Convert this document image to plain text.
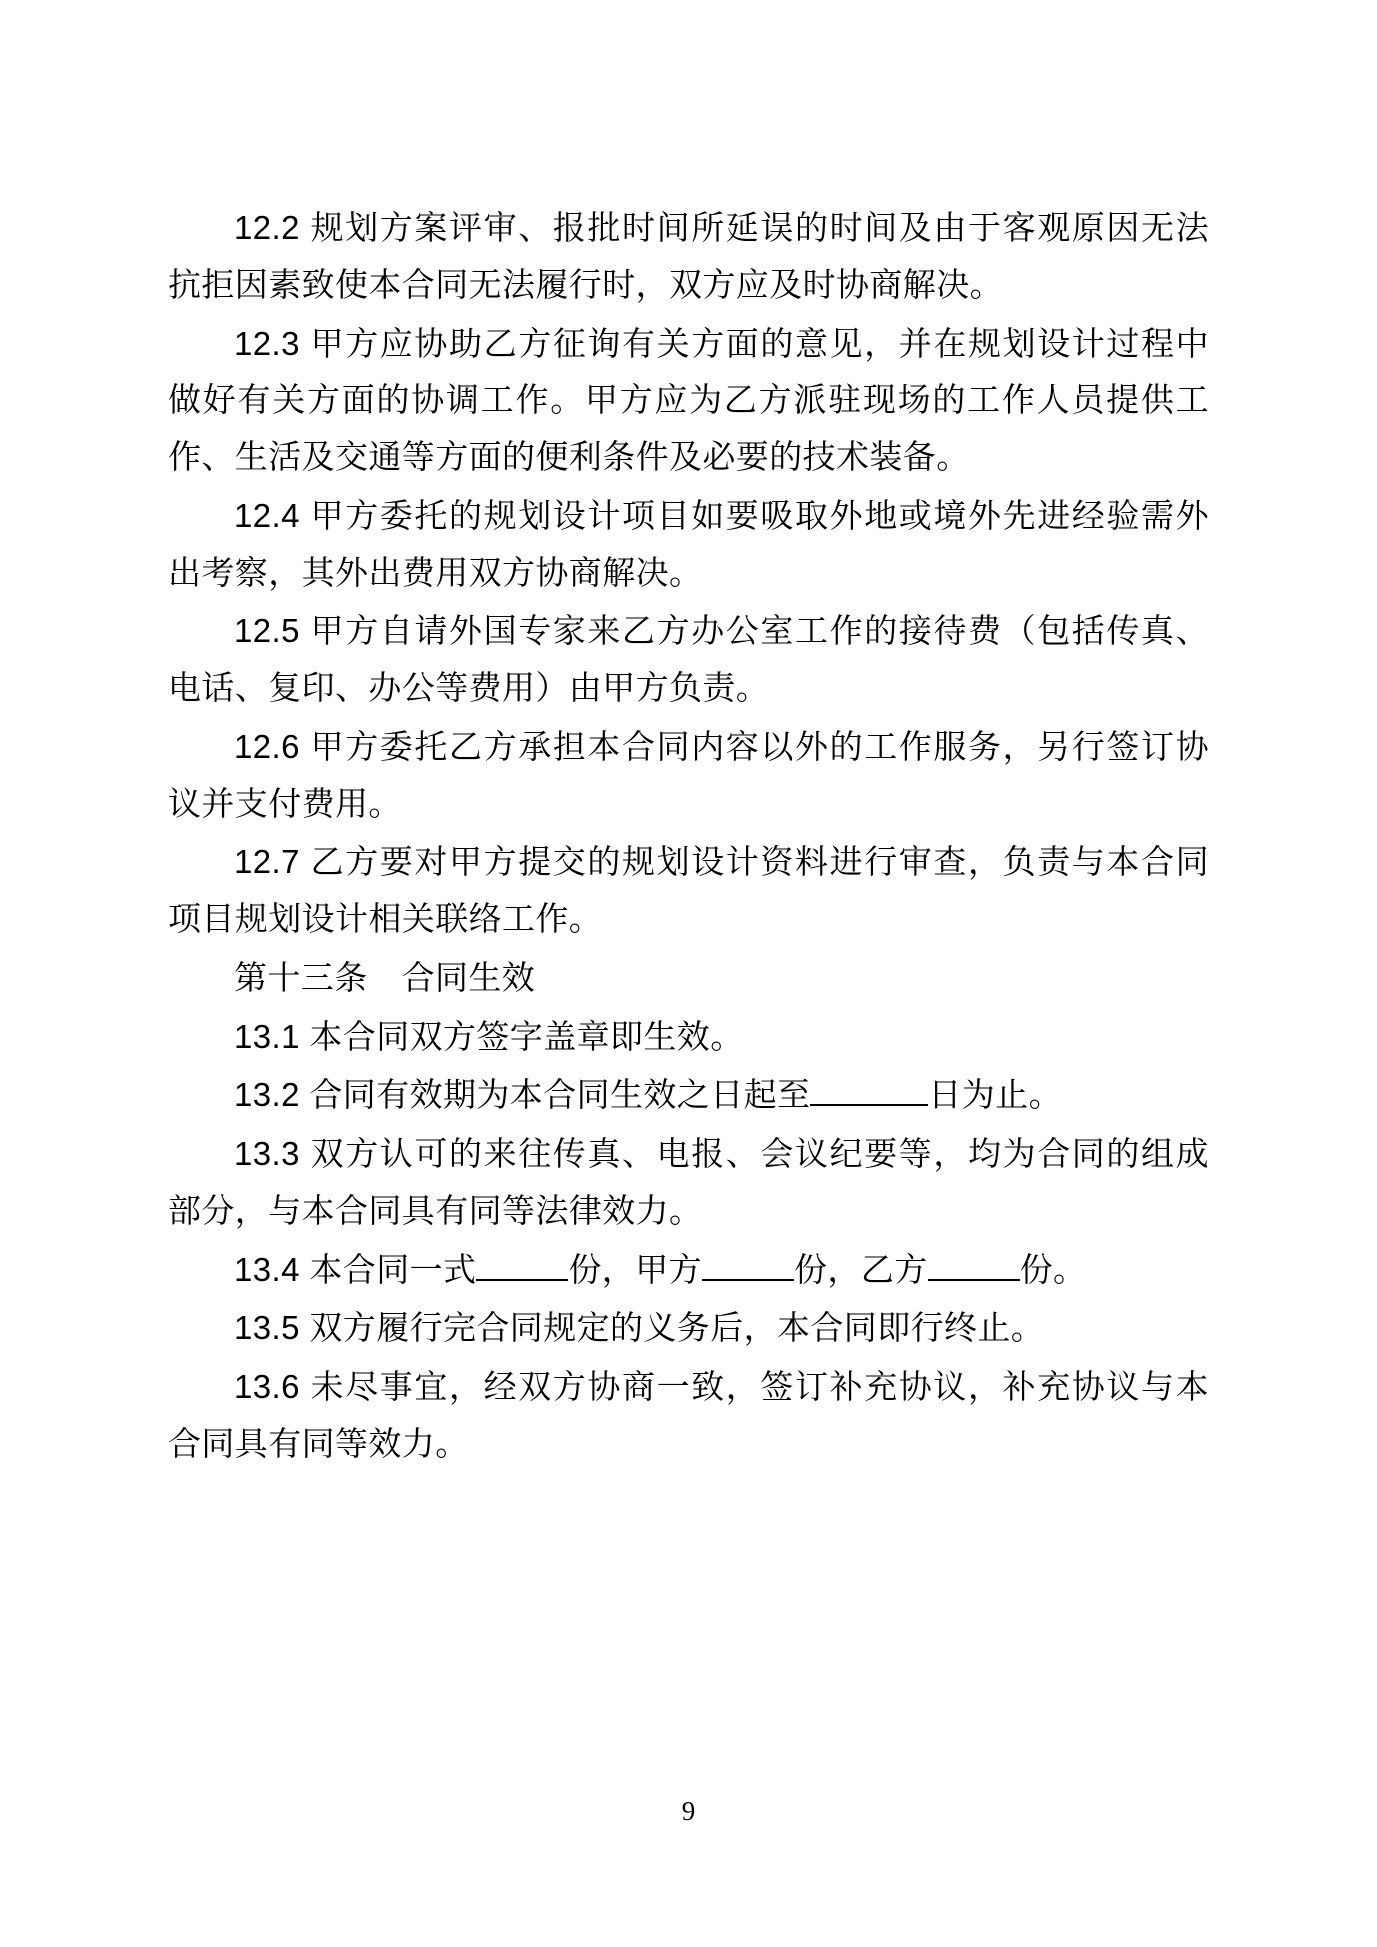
12.2 规划方案评审、报批时间所延误的时间及由于客观原因无法抗拒因素致使本合同无法履行时，双方应及时协商解决。

12.3 甲方应协助乙方征询有关方面的意见，并在规划设计过程中做好有关方面的协调工作。甲方应为乙方派驻现场的工作人员提供工作、生活及交通等方面的便利条件及必要的技术装备。

12.4 甲方委托的规划设计项目如要吸取外地或境外先进经验需外出考察，其外出费用双方协商解决。

12.5 甲方自请外国专家来乙方办公室工作的接待费（包括传真、电话、复印、办公等费用）由甲方负责。

12.6 甲方委托乙方承担本合同内容以外的工作服务，另行签订协议并支付费用。

12.7 乙方要对甲方提交的规划设计资料进行审查，负责与本合同项目规划设计相关联络工作。

第十三条 合同生效

13.1 本合同双方签字盖章即生效。

13.2 合同有效期为本合同生效之日起至	日为止。

13.3 双方认可的来往传真、电报、会议纪要等，均为合同的组成部分，与本合同具有同等法律效力。

13.4 本合同一式	份，甲方	份，乙方	份。

13.5 双方履行完合同规定的义务后，本合同即行终止。

13.6 未尽事宜，经双方协商一致，签订补充协议，补充协议与本合同具有同等效力。

9
